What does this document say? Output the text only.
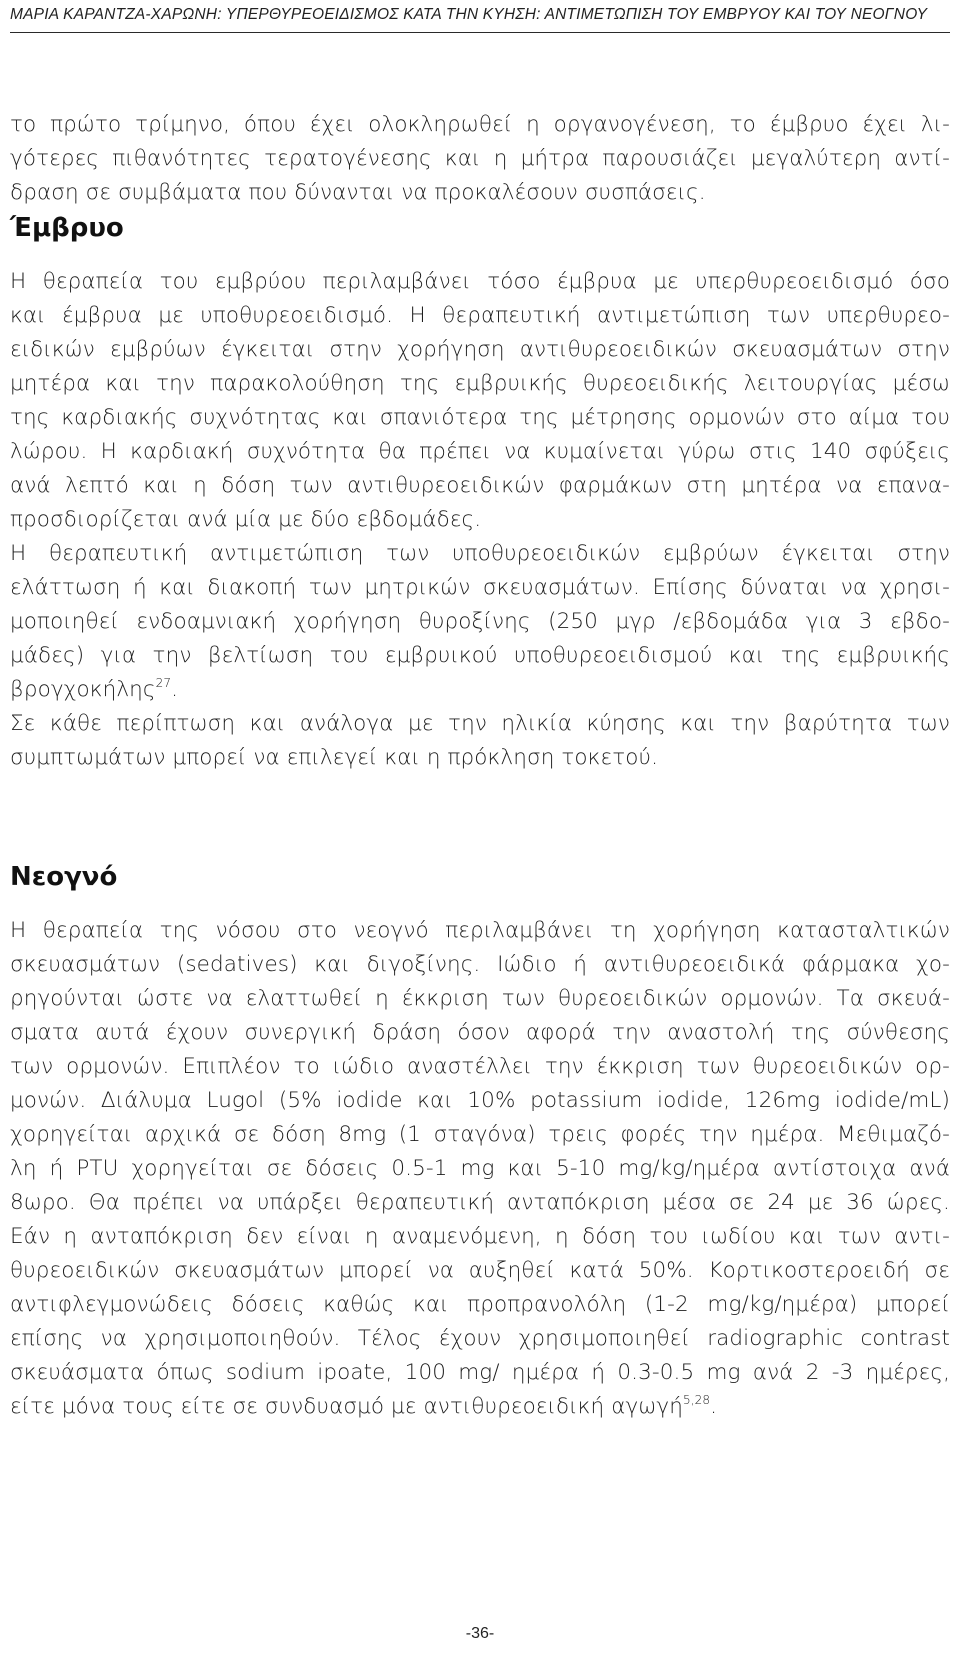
ΜΑΡΙΑ ΚΑΡΑΝΤΖΑ-ΧΑΡΩΝΗ: ΥΠΕΡΘΥΡΕΟΕΙΔΙΣΜΟΣ ΚΑΤΑ ΤΗΝ ΚΥΗΣΗ: ΑΝΤΙΜΕΤΩΠΙΣΗ ΤΟΥ ΕΜΒΡΥΟΥ ΚΑΙ ΤΟΥ ΝΕΟΓΝΟΥ
το πρώτο τρίμηνο, όπου έχει ολοκληρωθεί η οργανογένεση, το έμβρυο έχει λι-
γότερες πιθανότητες τερατογένεσης και η μήτρα παρουσιάζει μεγαλύτερη αντί-
δραση σε συμβάματα που δύνανται να προκαλέσουν συσπάσεις.
Έμβρυο
Η θεραπεία του εμβρύου περιλαμβάνει τόσο έμβρυα με υπερθυρεοειδισμό όσο
και έμβρυα με υποθυρεοειδισμό. Η θεραπευτική αντιμετώπιση των υπερθυρεο-
ειδικών εμβρύων έγκειται στην χορήγηση αντιθυρεοειδικών σκευασμάτων στην
μητέρα και την παρακολούθηση της εμβρυικής θυρεοειδικής λειτουργίας μέσω
της καρδιακής συχνότητας και σπανιότερα της μέτρησης ορμονών στο αίμα του
λώρου. Η καρδιακή συχνότητα θα πρέπει να κυμαίνεται γύρω στις 140 σφύξεις
ανά λεπτό και η δόση των αντιθυρεοειδικών φαρμάκων στη μητέρα να επανα-
προσδιορίζεται ανά μία με δύο εβδομάδες.
Η θεραπευτική αντιμετώπιση των υποθυρεοειδικών εμβρύων έγκειται στην
ελάττωση ή και διακοπή των μητρικών σκευασμάτων. Επίσης δύναται να χρησι-
μοποιηθεί ενδοαμνιακή χορήγηση θυροξίνης (250 μγρ /εβδομάδα για 3 εβδο-
μάδες) για την βελτίωση του εμβρυικού υποθυρεοειδισμού και της εμβρυικής
βρογχοκήλης$^{27}$.
Σε κάθε περίπτωση και ανάλογα με την ηλικία κύησης και την βαρύτητα των
συμπτωμάτων μπορεί να επιλεγεί και η πρόκληση τοκετού.
Νεογνό
Η θεραπεία της νόσου στο νεογνό περιλαμβάνει τη χορήγηση κατασταλτικών
σκευασμάτων (sedatives) και διγοξίνης. Ιώδιο ή αντιθυρεοειδικά φάρμακα χο-
ρηγούνται ώστε να ελαττωθεί η έκκριση των θυρεοειδικών ορμονών. Τα σκευά-
σματα αυτά έχουν συνεργική δράση όσον αφορά την αναστολή της σύνθεσης
των ορμονών. Επιπλέον το ιώδιο αναστέλλει την έκκριση των θυρεοειδικών ορ-
μονών. Διάλυμα Lugol (5% iodide και 10% potassium iodide, 126mg iodide/mL)
χορηγείται αρχικά σε δόση 8mg (1 σταγόνα) τρεις φορές την ημέρα. Μεθιμαζό-
λη ή PTU χορηγείται σε δόσεις 0.5-1 mg και 5-10 mg/kg/ημέρα αντίστοιχα ανά
8ωρο. Θα πρέπει να υπάρξει θεραπευτική ανταπόκριση μέσα σε 24 με 36 ώρες.
Εάν η ανταπόκριση δεν είναι η αναμενόμενη, η δόση του ιωδίου και των αντι-
θυρεοειδικών σκευασμάτων μπορεί να αυξηθεί κατά 50%. Κορτικοστεροειδή σε
αντιφλεγμονώδεις δόσεις καθώς και προπρανολόλη (1-2 mg/kg/ημέρα) μπορεί
επίσης να χρησιμοποιηθούν. Τέλος έχουν χρησιμοποιηθεί radiographic contrast
σκευάσματα όπως sodium ipoate, 100 mg/ ημέρα ή 0.3-0.5 mg ανά 2 -3 ημέρες,
είτε μόνα τους είτε σε συνδυασμό με αντιθυρεοειδική αγωγή$^{5,28}$.
-36-
